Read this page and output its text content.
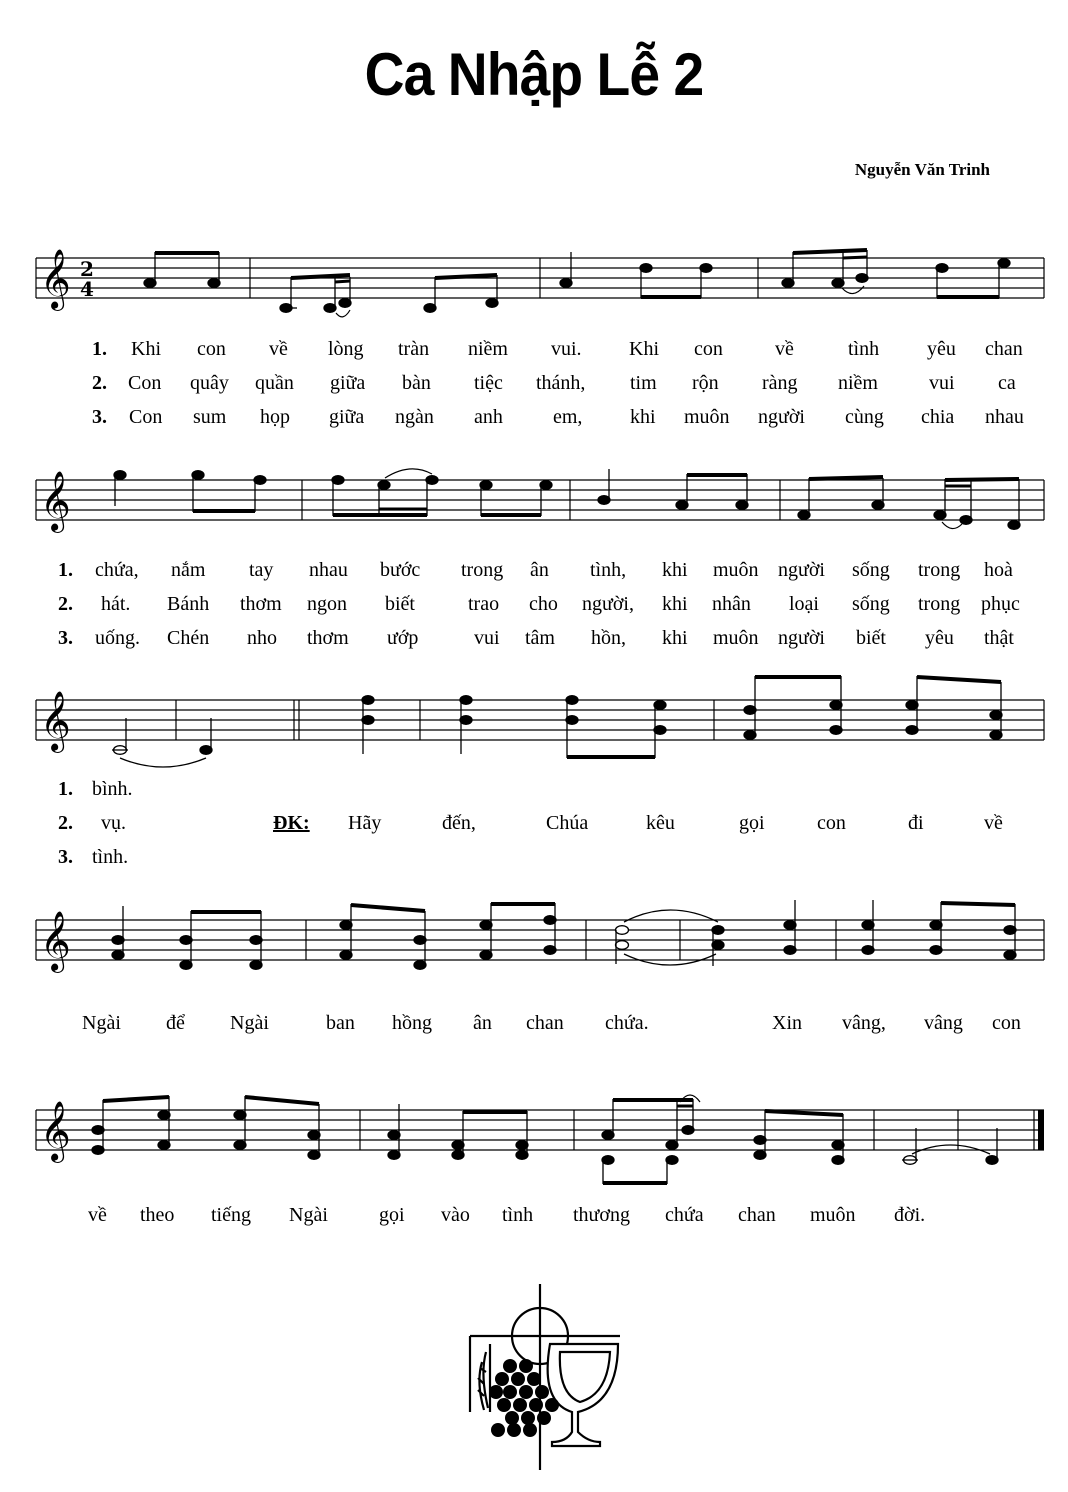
Ca Nhập Lễ 2
Nguyễn Văn Trinh
𝄞 2
4
1. Khi con về lòng tràn niềm vui. Khi con	về	tình yêu chan
2. Con quây quần giữa bàn tiệc thánh, tim rộn ràng niềm	vui ca
3. Con sum họp giữa ngàn anh	em, khi muôn người cùng chia nhau
𝄞
1. chứa, nắm tay nhau bước trong ân tình, khi muôn người sống trong hoà
2. hát. Bánh thơm ngon biết	trao cho người, khi nhân loại sống trong phục
3. uống. Chén nho thơm ướp	vui tâm hồn, khi muôn người biết yêu thật
𝄞
1. bình.
2. vụ.	ĐK: Hãy	đến,	Chúa	kêu	gọi	con	đi	về
3. tình.
𝄞
Ngài để Ngài	ban hồng ân chan chứa.	Xin vâng, vâng con
𝄞
về theo tiếng Ngài	gọi vào tình thương chứa chan muôn đời.
